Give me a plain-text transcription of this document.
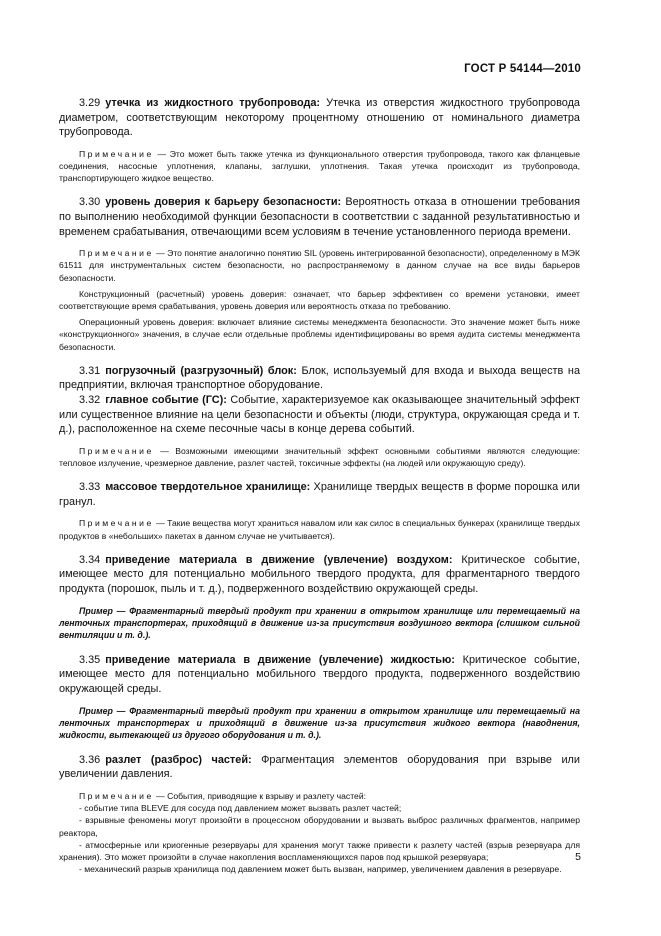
ГОСТ Р 54144—2010

3.29 утечка из жидкостного трубопровода: Утечка из отверстия жидкостного трубопровода диаметром, соответствующим некоторому процентному отношению от номинального диаметра трубопровода.

Примечание — Это может быть также утечка из функционального отверстия трубопровода, такого как фланцевые соединения, насосные уплотнения, клапаны, заглушки, уплотнения. Такая утечка происходит из трубопровода, транспортирующего жидкое вещество.

3.30 уровень доверия к барьеру безопасности: Вероятность отказа в отношении требования по выполнению необходимой функции безопасности в соответствии с заданной результативностью и временем срабатывания, отвечающими всем условиям в течение установленного периода времени.

Примечание — Это понятие аналогично понятию SIL (уровень интегрированной безопасности), определенному в МЭК 61511 для инструментальных систем безопасности, но распространяемому в данном случае на все виды барьеров безопасности.

Конструкционный (расчетный) уровень доверия: означает, что барьер эффективен со времени установки, имеет соответствующие время срабатывания, уровень доверия или вероятность отказа по требованию.

Операционный уровень доверия: включает влияние системы менеджмента безопасности. Это значение может быть ниже «конструкционного» значения, в случае если отдельные проблемы идентифицированы во время аудита системы менеджмента безопасности.

3.31 погрузочный (разгрузочный) блок: Блок, используемый для входа и выхода веществ на предприятии, включая транспортное оборудование.

3.32 главное событие (ГС): Событие, характеризуемое как оказывающее значительный эффект или существенное влияние на цели безопасности и объекты (люди, структура, окружающая среда и т. д.), расположенное на схеме песочные часы в конце дерева событий.

Примечание — Возможными имеющими значительный эффект основными событиями являются следующие: тепловое излучение, чрезмерное давление, разлет частей, токсичные эффекты (на людей или окружающую среду).

3.33 массовое твердотельное хранилище: Хранилище твердых веществ в форме порошка или гранул.

Примечание — Такие вещества могут храниться навалом или как силос в специальных бункерах (хранилище твердых продуктов в «небольших» пакетах в данном случае не учитывается).

3.34 приведение материала в движение (увлечение) воздухом: Критическое событие, имеющее место для потенциально мобильного твердого продукта, для фрагментарного твердого продукта (порошок, пыль и т. д.), подверженного воздействию окружающей среды.

Пример — Фрагментарный твердый продукт при хранении в открытом хранилище или перемещаемый на ленточных транспортерах, приходящий в движение из-за присутствия воздушного вектора (слишком сильной вентиляции и т. д.).

3.35 приведение материала в движение (увлечение) жидкостью: Критическое событие, имеющее место для потенциально мобильного твердого продукта, подверженного воздействию окружающей среды.

Пример — Фрагментарный твердый продукт при хранении в открытом хранилище или перемещаемый на ленточных транспортерах и приходящий в движение из-за присутствия жидкого вектора (наводнения, жидкости, вытекающей из другого оборудования и т. д.).

3.36 разлет (разброс) частей: Фрагментация элементов оборудования при взрыве или увеличении давления.

Примечание — События, приводящие к взрыву и разлету частей:

- событие типа BLEVE для сосуда под давлением может вызвать разлет частей;

- взрывные феномены могут произойти в процессном оборудовании и вызвать выброс различных фрагментов, например реактора,

- атмосферные или криогенные резервуары для хранения могут также привести к разлету частей (взрыв резервуара для хранения). Это может произойти в случае накопления воспламеняющихся паров под крышкой резервуара;

- механический разрыв хранилища под давлением может быть вызван, например, увеличением давления в резервуаре.

5
